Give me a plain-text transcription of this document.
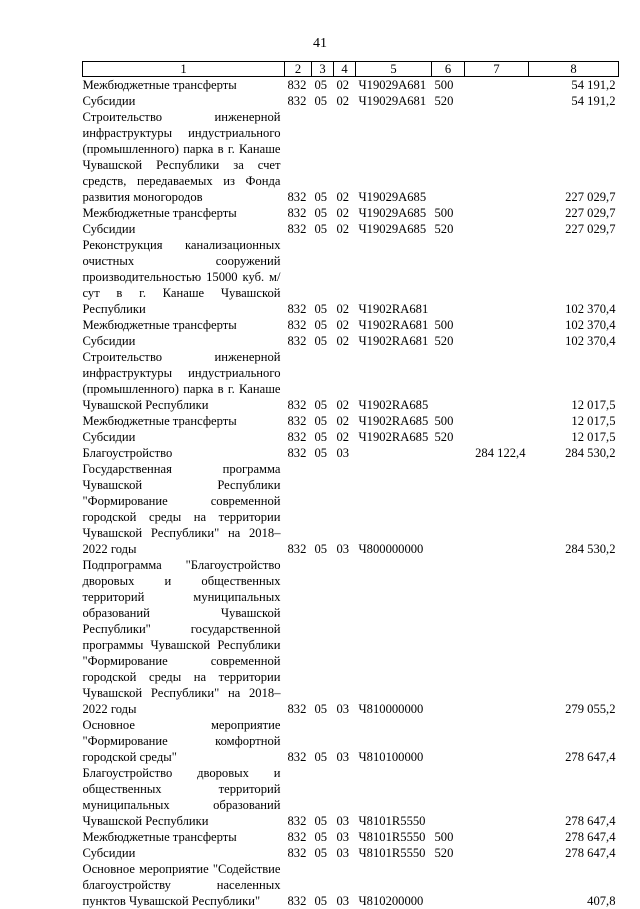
41
1	2	3	4	5	6	7	8
Межбюджетные трансферты	832	05	02	Ч19029А681	500		54 191,2
Субсидии	832	05	02	Ч19029А681	520		54 191,2
Строительство инженерной инфраструктуры индустриального (промышленного) парка в г. Канаше Чувашской Республики за счет средств, передаваемых из Фонда развития моногородов	832	05	02	Ч19029А685			227 029,7
Межбюджетные трансферты	832	05	02	Ч19029А685	500		227 029,7
Субсидии	832	05	02	Ч19029А685	520		227 029,7
Реконструкция канализационных очистных сооружений производительностью 15000 куб. м/сут в г. Канаше Чувашской Республики	832	05	02	Ч1902RА681			102 370,4
Межбюджетные трансферты	832	05	02	Ч1902RА681	500		102 370,4
Субсидии	832	05	02	Ч1902RА681	520		102 370,4
Строительство инженерной инфраструктуры индустриального (промышленного) парка в г. Канаше Чувашской Республики	832	05	02	Ч1902RА685			12 017,5
Межбюджетные трансферты	832	05	02	Ч1902RА685	500		12 017,5
Субсидии	832	05	02	Ч1902RА685	520		12 017,5
Благоустройство	832	05	03			284 122,4	284 530,2
Государственная программа Чувашской Республики "Формирование современной городской среды на территории Чувашской Республики" на 2018–2022 годы	832	05	03	Ч800000000			284 530,2
Подпрограмма "Благоустройство дворовых и общественных территорий муниципальных образований Чувашской Республики" государственной программы Чувашской Республики "Формирование современной городской среды на территории Чувашской Республики" на 2018–2022 годы	832	05	03	Ч810000000			279 055,2
Основное мероприятие "Формирование комфортной городской среды"	832	05	03	Ч810100000			278 647,4
Благоустройство дворовых и общественных территорий муниципальных образований Чувашской Республики	832	05	03	Ч8101R5550			278 647,4
Межбюджетные трансферты	832	05	03	Ч8101R5550	500		278 647,4
Субсидии	832	05	03	Ч8101R5550	520		278 647,4
Основное мероприятие "Содействие благоустройству населенных пунктов Чувашской Республики"	832	05	03	Ч810200000			407,8
